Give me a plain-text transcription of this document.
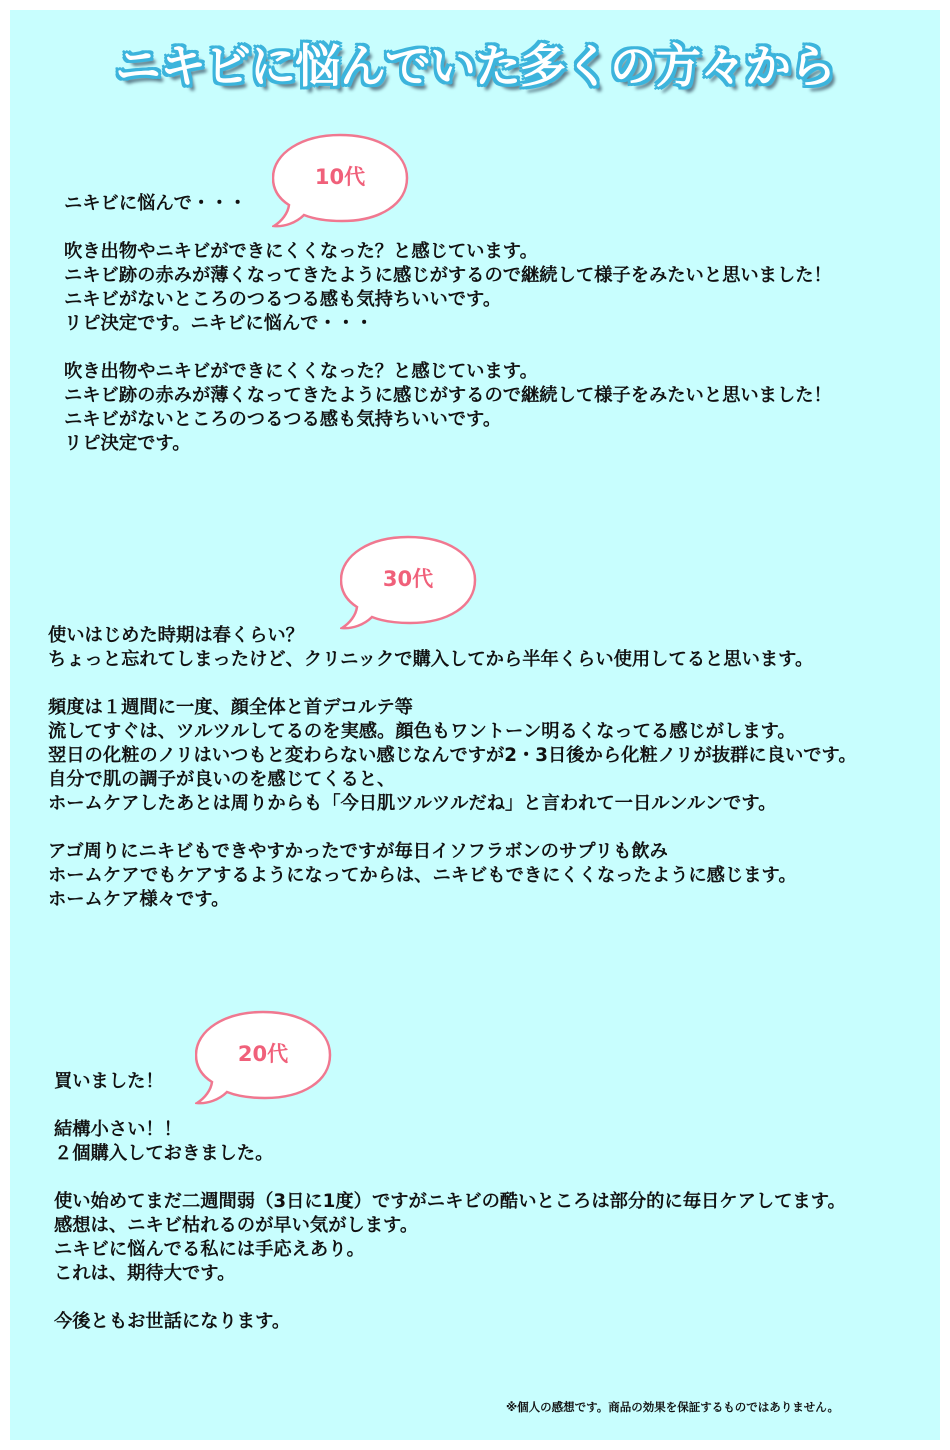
ニキビに悩んでいた多くの方々から
10代
30代
20代
ニキビに悩んで・・・
吹き出物やニキビができにくくなった？と感じています。
ニキビ跡の赤みが薄くなってきたように感じがするので継続して様子をみたいと思いました！
ニキビがないところのつるつる感も気持ちいいです。
リピ決定です。ニキビに悩んで・・・
吹き出物やニキビができにくくなった？と感じています。
ニキビ跡の赤みが薄くなってきたように感じがするので継続して様子をみたいと思いました！
ニキビがないところのつるつる感も気持ちいいです。
リピ決定です。
使いはじめた時期は春くらい？
ちょっと忘れてしまったけど、クリニックで購入してから半年くらい使用してると思います。
頻度は１週間に一度、顔全体と首デコルテ等
流してすぐは、ツルツルしてるのを実感。顔色もワントーン明るくなってる感じがします。
翌日の化粧のノリはいつもと変わらない感じなんですが2・3日後から化粧ノリが抜群に良いです。
自分で肌の調子が良いのを感じてくると、
ホームケアしたあとは周りからも「今日肌ツルツルだね」と言われて一日ルンルンです。
アゴ周りにニキビもできやすかったですが毎日イソフラボンのサプリも飲み
ホームケアでもケアするようになってからは、ニキビもできにくくなったように感じます。
ホームケア様々です。
買いました！
結構小さい！！
２個購入しておきました。
使い始めてまだ二週間弱（3日に1度）ですがニキビの酷いところは部分的に毎日ケアしてます。
感想は、ニキビ枯れるのが早い気がします。
ニキビに悩んでる私には手応えあり。
これは、期待大です。
今後ともお世話になります。
※個人の感想です。商品の効果を保証するものではありません。
